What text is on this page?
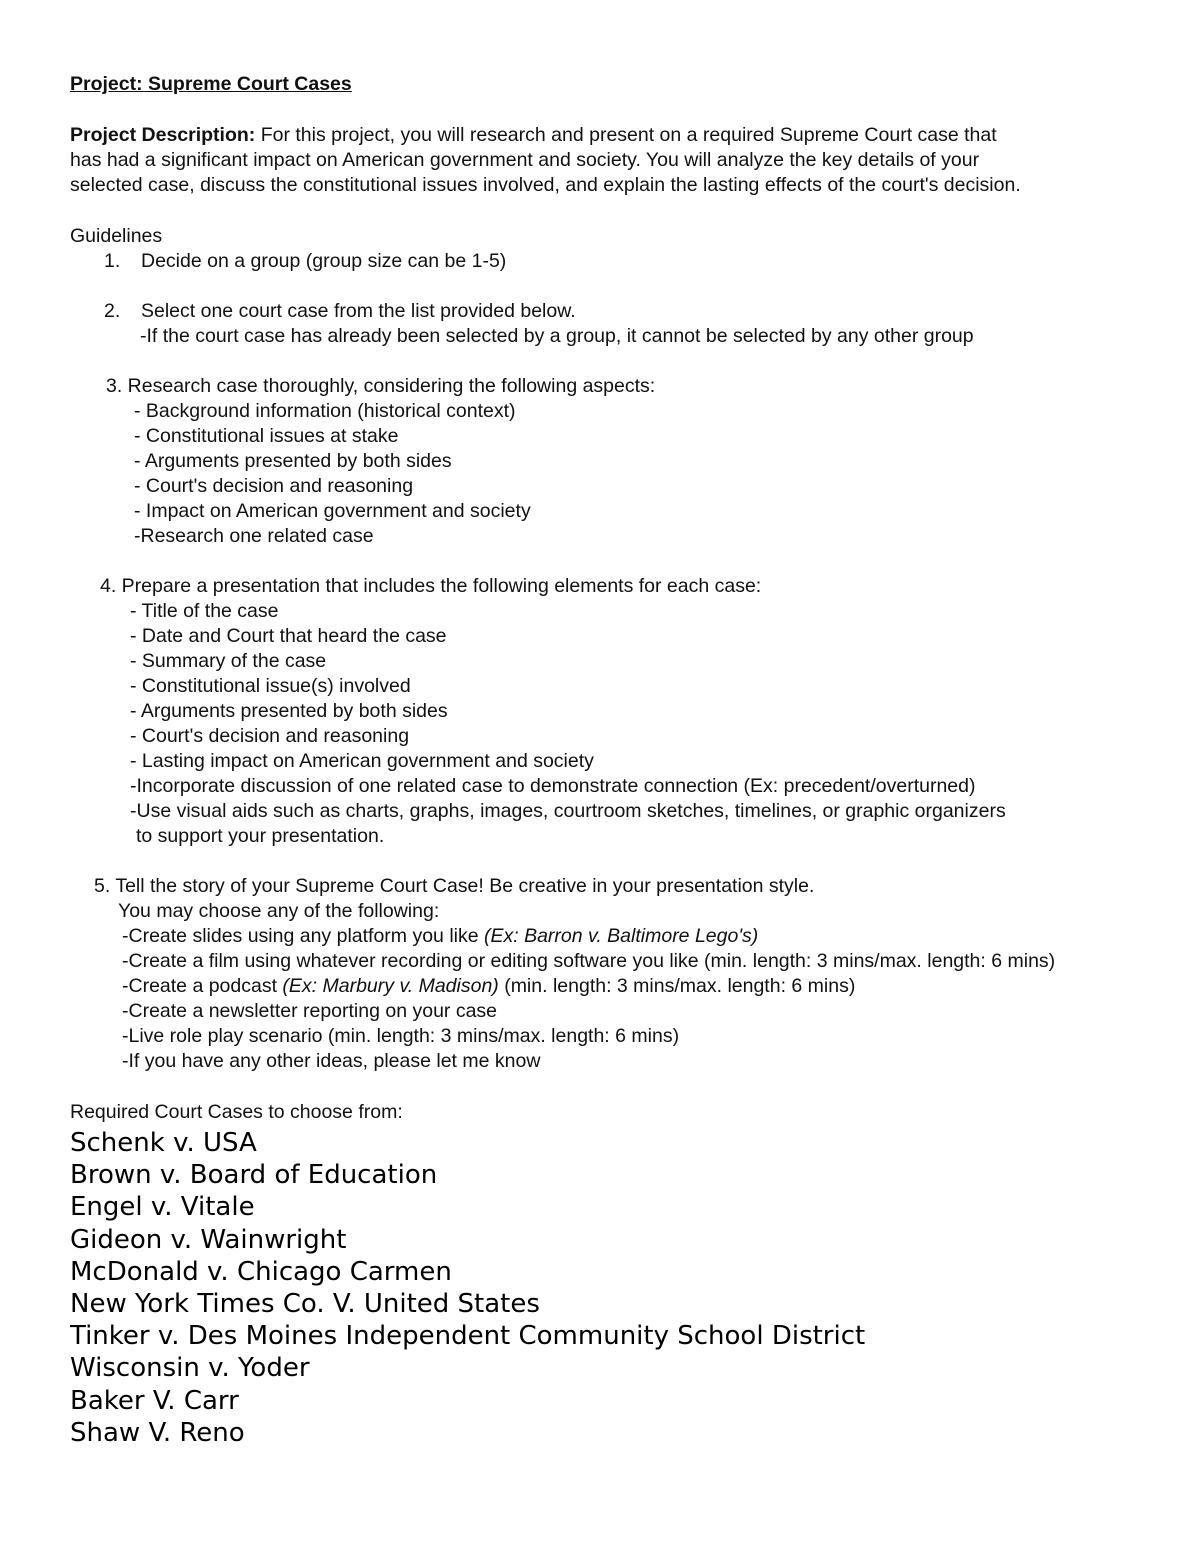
Project: Supreme Court Cases
Project Description: For this project, you will research and present on a required Supreme Court case that
has had a significant impact on American government and society. You will analyze the key details of your
selected case, discuss the constitutional issues involved, and explain the lasting effects of the court's decision.
Guidelines
1. Decide on a group (group size can be 1-5)
2. Select one court case from the list provided below.
-If the court case has already been selected by a group, it cannot be selected by any other group
3. Research case thoroughly, considering the following aspects:
- Background information (historical context)
- Constitutional issues at stake
- Arguments presented by both sides
- Court's decision and reasoning
- Impact on American government and society
-Research one related case
4. Prepare a presentation that includes the following elements for each case:
- Title of the case
- Date and Court that heard the case
- Summary of the case
- Constitutional issue(s) involved
- Arguments presented by both sides
- Court's decision and reasoning
- Lasting impact on American government and society
-Incorporate discussion of one related case to demonstrate connection (Ex: precedent/overturned)
-Use visual aids such as charts, graphs, images, courtroom sketches, timelines, or graphic organizers
to support your presentation.
5. Tell the story of your Supreme Court Case! Be creative in your presentation style.
You may choose any of the following:
-Create slides using any platform you like (Ex: Barron v. Baltimore Lego's)
-Create a film using whatever recording or editing software you like (min. length: 3 mins/max. length: 6 mins)
-Create a podcast (Ex: Marbury v. Madison) (min. length: 3 mins/max. length: 6 mins)
-Create a newsletter reporting on your case
-Live role play scenario (min. length: 3 mins/max. length: 6 mins)
-If you have any other ideas, please let me know
Required Court Cases to choose from:
Schenk v. USA
Brown v. Board of Education
Engel v. Vitale
Gideon v. Wainwright
McDonald v. Chicago Carmen
New York Times Co. V. United States
Tinker v. Des Moines Independent Community School District
Wisconsin v. Yoder
Baker V. Carr
Shaw V. Reno
